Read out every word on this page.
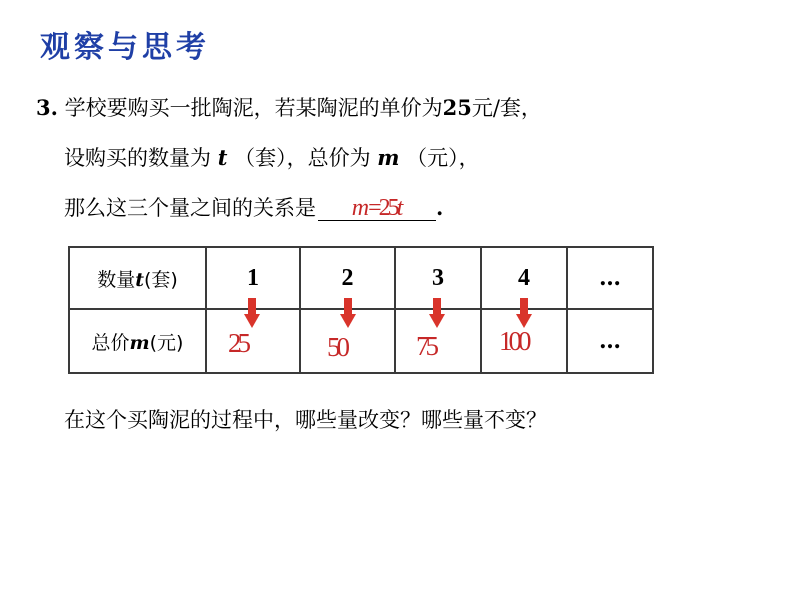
观察与思考
3. 学校要购买一批陶泥，若某陶泥的单价为25元/套，
设购买的数量为 t （套），总价为 m （元），
那么这三个量之间的关系是 m=25t .
数量t(套)	1	2	3	4	…
总价m(元)	25	50	75	100	…
在这个买陶泥的过程中，哪些量改变？哪些量不变？
